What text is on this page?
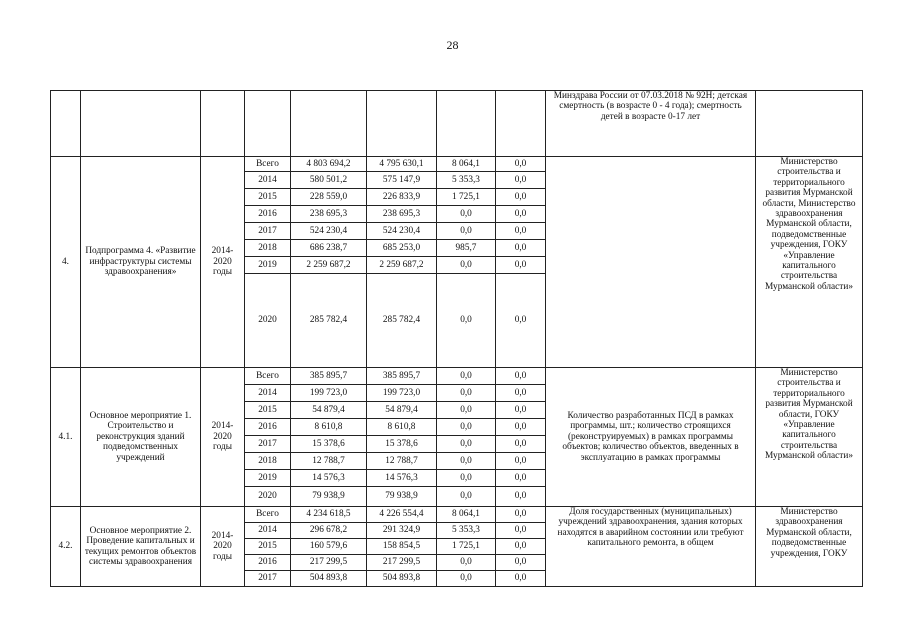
28
								Минздрава России от 07.03.2018 № 92Н; детская смертность (в возрасте 0 - 4 года); смертность детей в возрасте 0-17 лет	
4.	Подпрограмма 4. «Развитие инфраструктуры системы здравоохранения»	2014-2020 годы	Всего	4 803 694,2	4 795 630,1	8 064,1	0,0		Министерство строительства и территориального развития Мурманской области, Министерство здравоохранения Мурманской области, подведомственные учреждения, ГОКУ «Управление капитального строительства Мурманской области»
			2014	580 501,2	575 147,9	5 353,3	0,0		
			2015	228 559,0	226 833,9	1 725,1	0,0		
			2016	238 695,3	238 695,3	0,0	0,0		
			2017	524 230,4	524 230,4	0,0	0,0		
			2018	686 238,7	685 253,0	985,7	0,0		
			2019	2 259 687,2	2 259 687,2	0,0	0,0		
			2020	285 782,4	285 782,4	0,0	0,0		
4.1.	Основное мероприятие 1. Строительство и реконструкция зданий подведомственных учреждений	2014-2020 годы	Всего	385 895,7	385 895,7	0,0	0,0	Количество разработанных ПСД в рамках программы, шт.; количество строящихся (реконструируемых) в рамках программы объектов; количество объектов, введенных в эксплуатацию в рамках программы	Министерство строительства и территориального развития Мурманской области, ГОКУ «Управление капитального строительства Мурманской области»
			2014	199 723,0	199 723,0	0,0	0,0		
			2015	54 879,4	54 879,4	0,0	0,0		
			2016	8 610,8	8 610,8	0,0	0,0		
			2017	15 378,6	15 378,6	0,0	0,0		
			2018	12 788,7	12 788,7	0,0	0,0		
			2019	14 576,3	14 576,3	0,0	0,0		
			2020	79 938,9	79 938,9	0,0	0,0		
4.2.	Основное мероприятие 2. Проведение капитальных и текущих ремонтов объектов системы здравоохранения	2014-2020 годы	Всего	4 234 618,5	4 226 554,4	8 064,1	0,0	Доля государственных (муниципальных) учреждений здравоохранения, здания которых находятся в аварийном состоянии или требуют капитального ремонта, в общем	Министерство здравоохранения Мурманской области, подведомственные учреждения, ГОКУ
			2014	296 678,2	291 324,9	5 353,3	0,0		
			2015	160 579,6	158 854,5	1 725,1	0,0		
			2016	217 299,5	217 299,5	0,0	0,0		
			2017	504 893,8	504 893,8	0,0	0,0		
